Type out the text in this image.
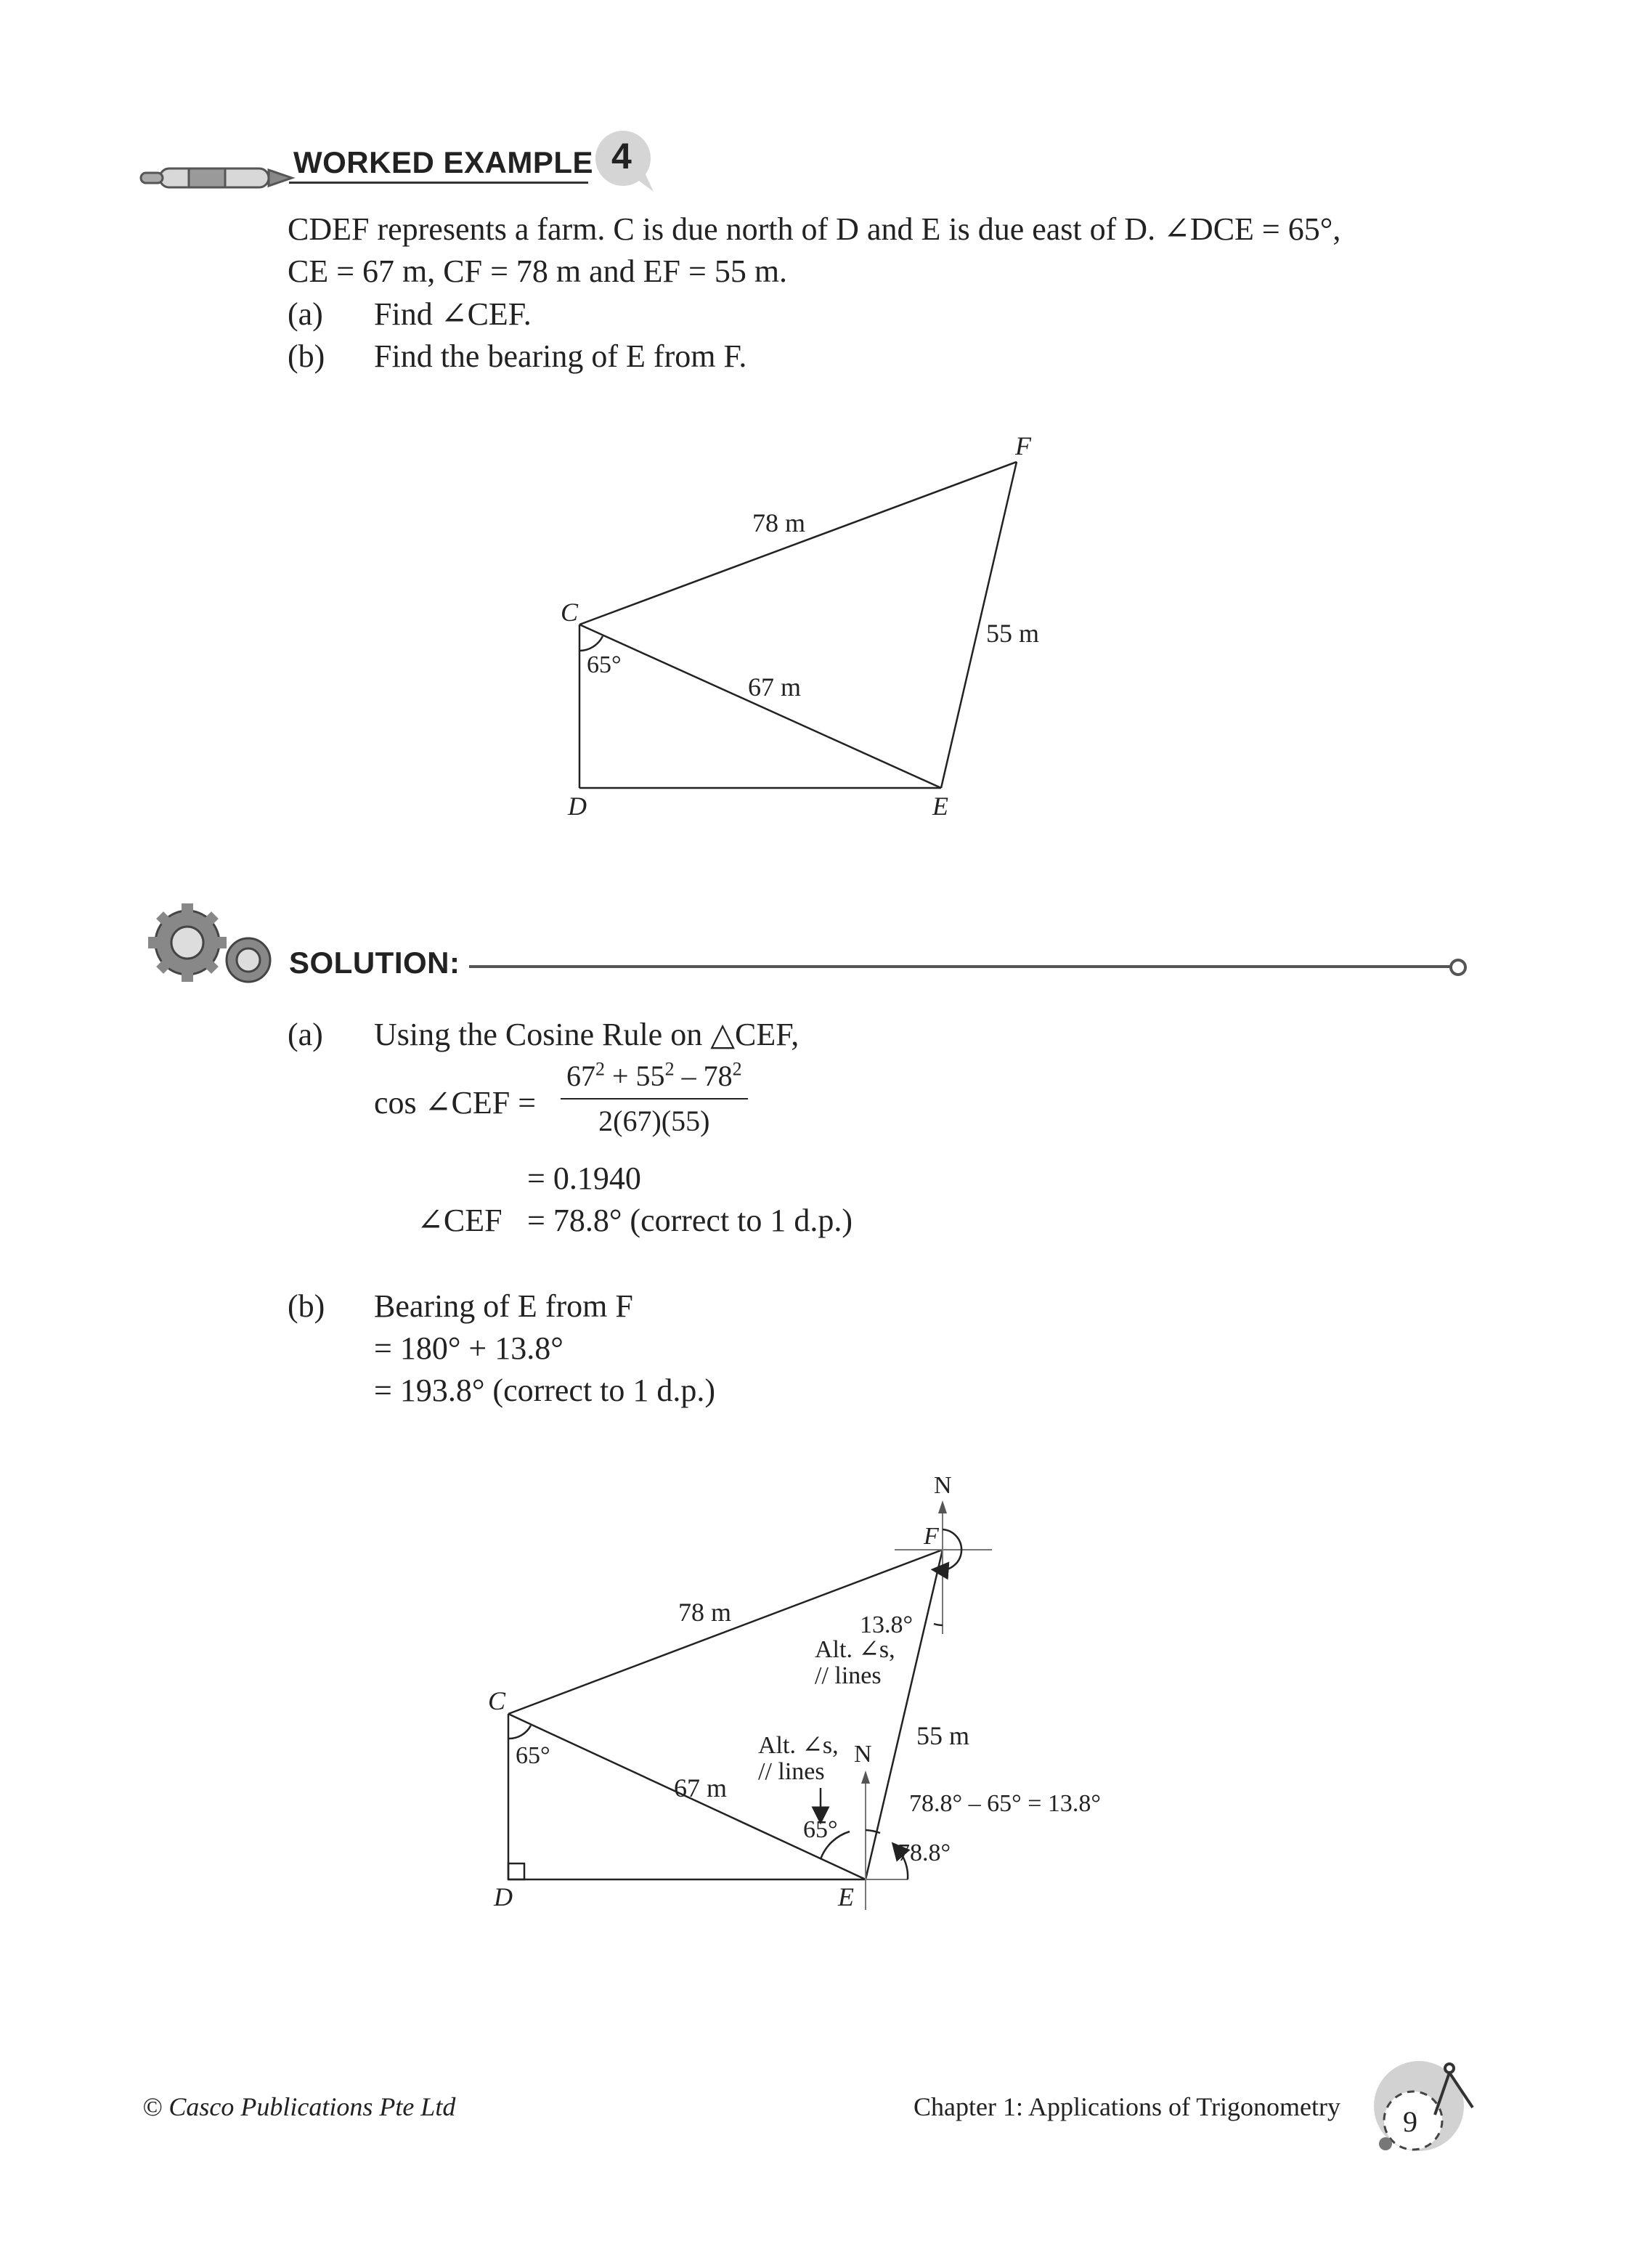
WORKED EXAMPLE 4
CDEF represents a farm. C is due north of D and E is due east of D. ∠DCE = 65°,
CE = 67 m, CF = 78 m and EF = 55 m.
(a) Find ∠CEF.
(b) Find the bearing of E from F.
C
D	E
F
78 m
67 m
55 m
65°
SOLUTION:
(a) Using the Cosine Rule on △CEF,
cos ∠CEF = $\frac{67^2 + 55^2 - 78^2}{2(67)(55)}$
= 0.1940
∠CEF = 78.8° (correct to 1 d.p.)
(b) Bearing of E from F
= 180° + 13.8°
= 193.8° (correct to 1 d.p.)
C
D	E
F
N
N
78 m
67 m
55 m
65°
13.8°
Alt. ∠s,
// lines
Alt. ∠s,
// lines
65°
78.8° – 65° = 13.8°
78.8°
© Casco Publications Pte Ltd	Chapter 1: Applications of Trigonometry 9
